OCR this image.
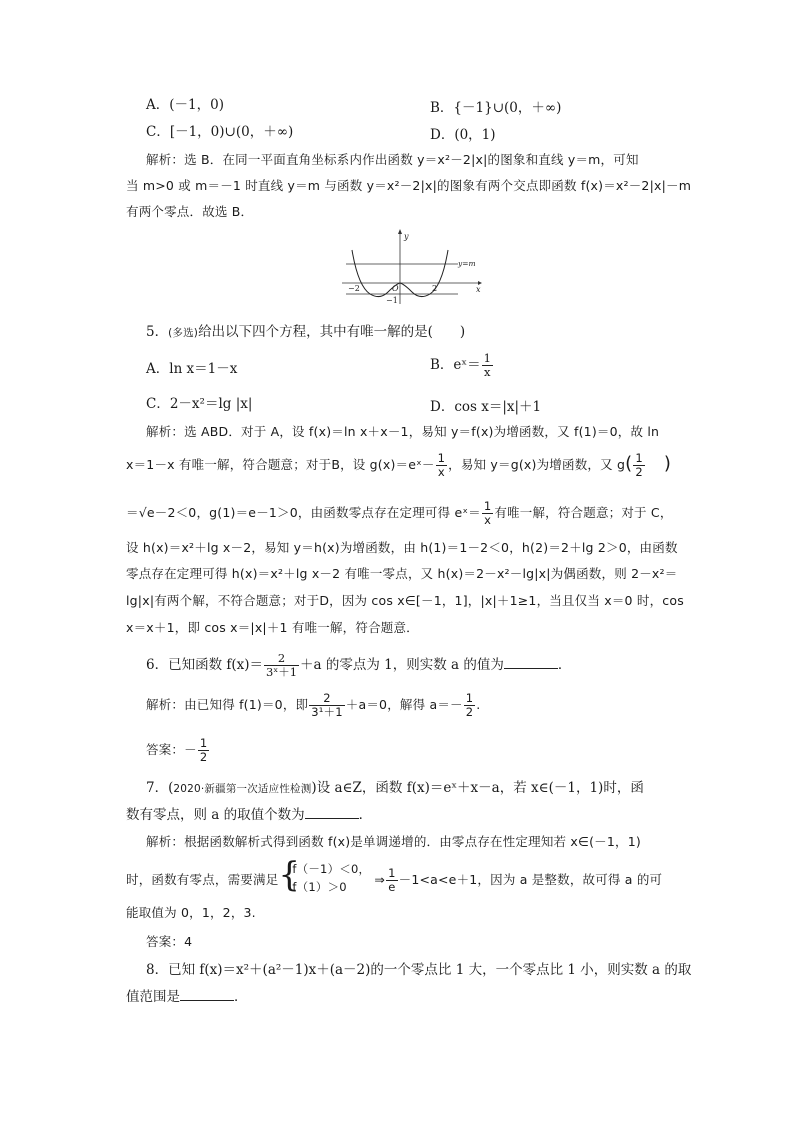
A．(－1，0)	B．{－1}∪(0，＋∞)
C．[－1，0)∪(0，＋∞)	D．(0，1)
解析：选 B．在同一平面直角坐标系内作出函数 y＝x²－2|x|的图象和直线 y＝m，可知
当 m>0 或 m＝－1 时直线 y＝m 与函数 y＝x²－2|x|的图象有两个交点即函数 f(x)＝x²－2|x|－m
有两个零点．故选 B．
y
x
y=m
−2	2
O
−1
5．(多选)给出以下四个方程，其中有唯一解的是(　　)
A．ln x＝1－x	B．eˣ＝ $\frac{1}{x}$
C．2－x²＝lg |x|	D．cos x＝|x|＋1
解析：选 ABD．对于 A，设 f(x)＝ln x＋x－1，易知 y＝f(x)为增函数，又 f(1)＝0，故 ln
x＝1－x 有唯一解，符合题意；对于B，设 g(x)＝eˣ－ $\frac{1}{x}$ ，易知 y＝g(x)为增函数，又 $g( \frac{1}{2}$ )
＝√e－2＜0，g(1)＝e－1＞0，由函数零点存在定理可得 eˣ＝ $\frac{1}{x}$ 有唯一解，符合题意；对于 C，
设 h(x)＝x²＋lg x－2，易知 y＝h(x)为增函数，由 h(1)＝1－2＜0，h(2)＝2＋lg 2＞0，由函数
零点存在定理可得 h(x)＝x²＋lg x－2 有唯一零点，又 h(x)＝2－x²－lg|x|为偶函数，则 2－x²＝
lg|x|有两个解，不符合题意；对于D，因为 cos x∈[－1，1]，|x|＋1≥1，当且仅当 x＝0 时，cos
x＝x＋1，即 cos x＝|x|＋1 有唯一解，符合题意．
6．已知函数 $f(x)= \frac{2}{\text{3ˣ＋1}} +a$ 的零点为 1，则实数 a 的值为	．
解析：由已知得 f(1)＝0，即 $\frac{2}{\text{3¹＋1}} +a=0$，解得 $a=- \frac{1}{2}$ .
答案：－ $\frac{1}{2}$
7．(2020·新疆第一次适应性检测)设 a∈Z，函数 f(x)＝eˣ＋x－a，若 x∈(－1，1)时，函
数有零点，则 a 的取值个数为	．
解析：根据函数解析式得到函数 f(x)是单调递增的．由零点存在性定理知若 x∈(－1，1)
时，函数有零点，需要满足 {
f（－1）＜0，
f（1）＞0 ⇒ $\frac{1}{e} -1<a<e+1$，因为 a 是整数，故可得 a 的可
能取值为 0，1，2，3.
答案：4
8．已知 f(x)＝x²＋(a²－1)x＋(a－2)的一个零点比 1 大，一个零点比 1 小，则实数 a 的取
值范围是	．
